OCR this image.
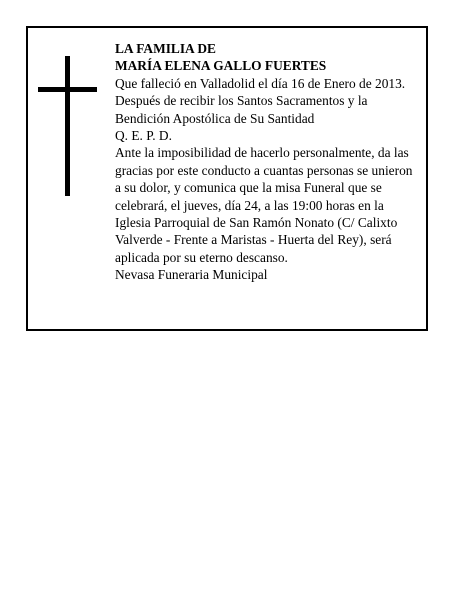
LA FAMILIA DE
MARÍA ELENA GALLO FUERTES
Que falleció en Valladolid el día 16 de Enero de 2013.
Después de recibir los Santos Sacramentos y la
Bendición Apostólica de Su Santidad
Q. E. P. D.
Ante la imposibilidad de hacerlo personalmente, da las
gracias por este conducto a cuantas personas se unieron
a su dolor, y comunica que la misa Funeral que se
celebrará, el jueves, día 24, a las 19:00 horas en la
Iglesia Parroquial de San Ramón Nonato (C/ Calixto
Valverde - Frente a Maristas - Huerta del Rey), será
aplicada por su eterno descanso.
Nevasa Funeraria Municipal
